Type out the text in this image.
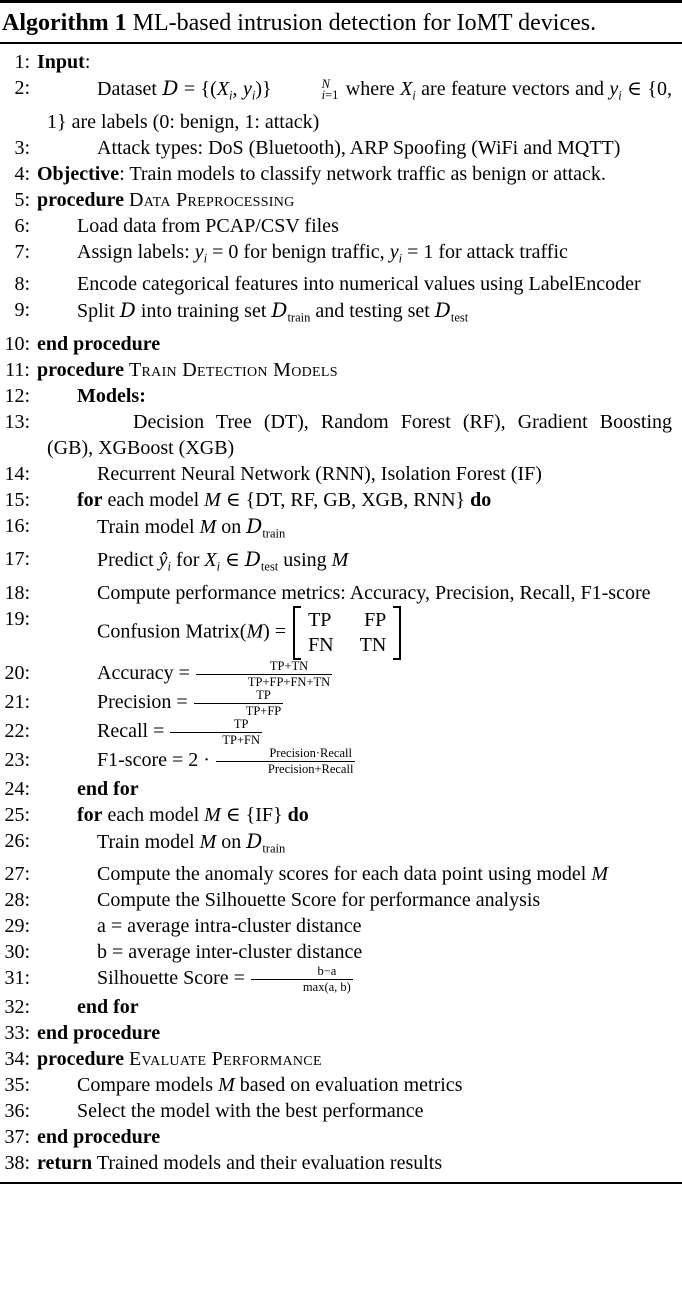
Algorithm 1 ML-based intrusion detection for IoMT devices.
1: Input:
2:	Dataset $D = \{(X_i$, $y_i$)}	N
i=1 where $X_i$ are feature vectors and $y_i$ ∈ {0, 1} are labels (0: benign, 1: attack)
3:	Attack types: DoS (Bluetooth), ARP Spoofing (WiFi and MQTT)
4: Objective: Train models to classify network traffic as benign or attack.
5: procedure Data Preprocessing
6: Load data from PCAP/CSV files
7: Assign labels: $y_i = 0$ for benign traffic, $y_i = 1$ for attack traffic
8: Encode categorical features into numerical values using LabelEncoder
9: Split D into training set $D_{train}$ and testing set $D_{test}$
10: end procedure
11: procedure Train Detection Models
12: Models:
13:	Decision Tree (DT), Random Forest (RF), Gradient Boosting (GB), XGBoost (XGB)
14:	Recurrent Neural Network (RNN), Isolation Forest (IF)
15: for each model M ∈ {DT, RF, GB, XGB, RNN} do
16:	Train model M on $D_{train}$
17:	Predict $ŷ_i$ for $X_i$ ∈ $D_{test}$ using M
18:	Compute performance metrics: Accuracy, Precision, Recall, F1-score
19:
Confusion Matrix(M) =
TP FP
FN TN
20:	Accuracy = $\frac{TP+TN}{TP+FP+FN+TN}$
21:	Precision = $\frac{TP}{TP+FP}$
22:	Recall = $\frac{TP}{TP+FN}$
23:	F1-score = $2 \cdot \frac{\text{Precision·Recall}}{\text{Precision+Recall}}$
24: end for
25: for each model M ∈ {IF} do
26:	Train model M on $D_{train}$
27:	Compute the anomaly scores for each data point using model M
28:	Compute the Silhouette Score for performance analysis
29:	a = average intra-cluster distance
30:	b = average inter-cluster distance
31:	Silhouette Score = $\frac{b-a}{\max(a, b)}$
32: end for
33: end procedure
34: procedure Evaluate Performance
35: Compare models M based on evaluation metrics
36: Select the model with the best performance
37: end procedure
38: return Trained models and their evaluation results
